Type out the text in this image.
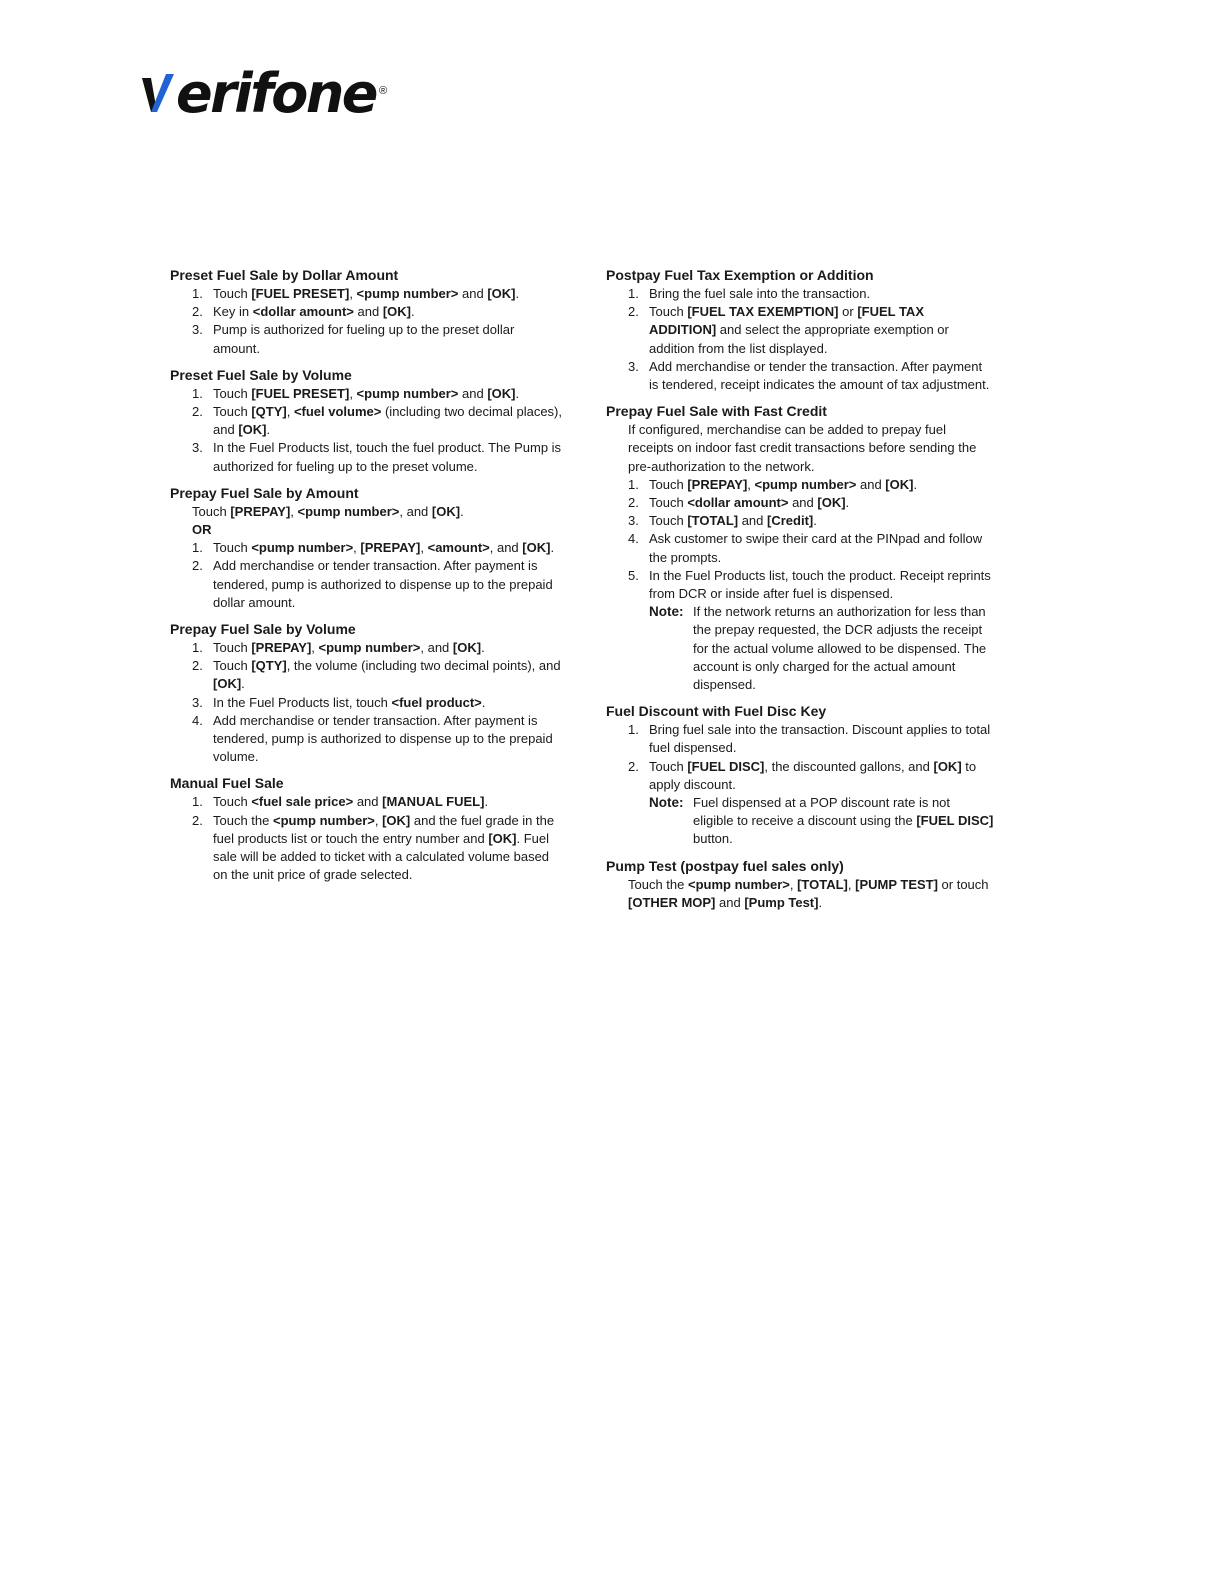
erifone ®
Preset Fuel Sale by Dollar Amount
1. Touch [FUEL PRESET], <pump number> and [OK].
2. Key in <dollar amount> and [OK].
3. Pump is authorized for fueling up to the preset dollar amount.
Preset Fuel Sale by Volume
1. Touch [FUEL PRESET], <pump number> and [OK].
2. Touch [QTY], <fuel volume> (including two decimal places), and [OK].
3. In the Fuel Products list, touch the fuel product. The Pump is authorized for fueling up to the preset volume.
Prepay Fuel Sale by Amount
Touch [PREPAY], <pump number>, and [OK].
OR
1. Touch <pump number>, [PREPAY], <amount>, and [OK].
2. Add merchandise or tender transaction. After payment is tendered, pump is authorized to dispense up to the prepaid dollar amount.
Prepay Fuel Sale by Volume
1. Touch [PREPAY], <pump number>, and [OK].
2. Touch [QTY], the volume (including two decimal points), and [OK].
3. In the Fuel Products list, touch <fuel product>.
4. Add merchandise or tender transaction. After payment is tendered, pump is authorized to dispense up to the prepaid volume.
Manual Fuel Sale
1. Touch <fuel sale price> and [MANUAL FUEL].
2. Touch the <pump number>, [OK] and the fuel grade in the fuel products list or touch the entry number and [OK]. Fuel sale will be added to ticket with a calculated volume based on the unit price of grade selected.
Postpay Fuel Tax Exemption or Addition
1. Bring the fuel sale into the transaction.
2. Touch [FUEL TAX EXEMPTION] or [FUEL TAX ADDITION] and select the appropriate exemption or addition from the list displayed.
3. Add merchandise or tender the transaction. After payment is tendered, receipt indicates the amount of tax adjustment.
Prepay Fuel Sale with Fast Credit
If configured, merchandise can be added to prepay fuel receipts on indoor fast credit transactions before sending the pre-authorization to the network.
1. Touch [PREPAY], <pump number> and [OK].
2. Touch <dollar amount> and [OK].
3. Touch [TOTAL] and [Credit].
4. Ask customer to swipe their card at the PINpad and follow the prompts.
5. In the Fuel Products list, touch the product. Receipt reprints from DCR or inside after fuel is dispensed.
Note: If the network returns an authorization for less than the prepay requested, the DCR adjusts the receipt for the actual volume allowed to be dispensed. The account is only charged for the actual amount dispensed.
Fuel Discount with Fuel Disc Key
1. Bring fuel sale into the transaction. Discount applies to total fuel dispensed.
2. Touch [FUEL DISC], the discounted gallons, and [OK] to apply discount.
Note: Fuel dispensed at a POP discount rate is not eligible to receive a discount using the [FUEL DISC] button.
Pump Test (postpay fuel sales only)
Touch the <pump number>, [TOTAL], [PUMP TEST] or touch [OTHER MOP] and [Pump Test].
